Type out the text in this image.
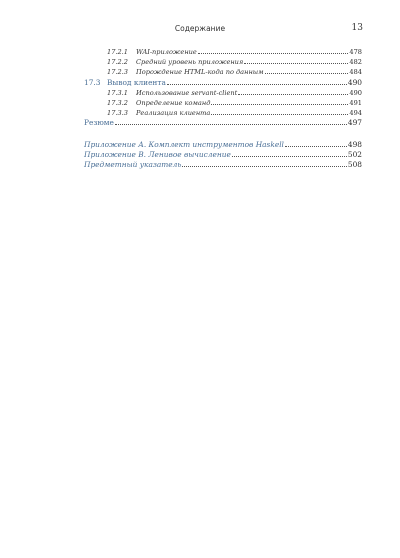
Содержание	13
17.2.1 WAI-приложение	478
17.2.2 Средний уровень приложения	482
17.2.3 Порождение HTML-кода по данным	484
17.3 Вывод клиента	490
17.3.1 Использование servant-client	490
17.3.2 Определение команд	491
17.3.3 Реализация клиента	494
Резюме	497
Приложение А. Комплект инструментов Haskell	498
Приложение В. Ленивое вычисление	502
Предметный указатель	508
